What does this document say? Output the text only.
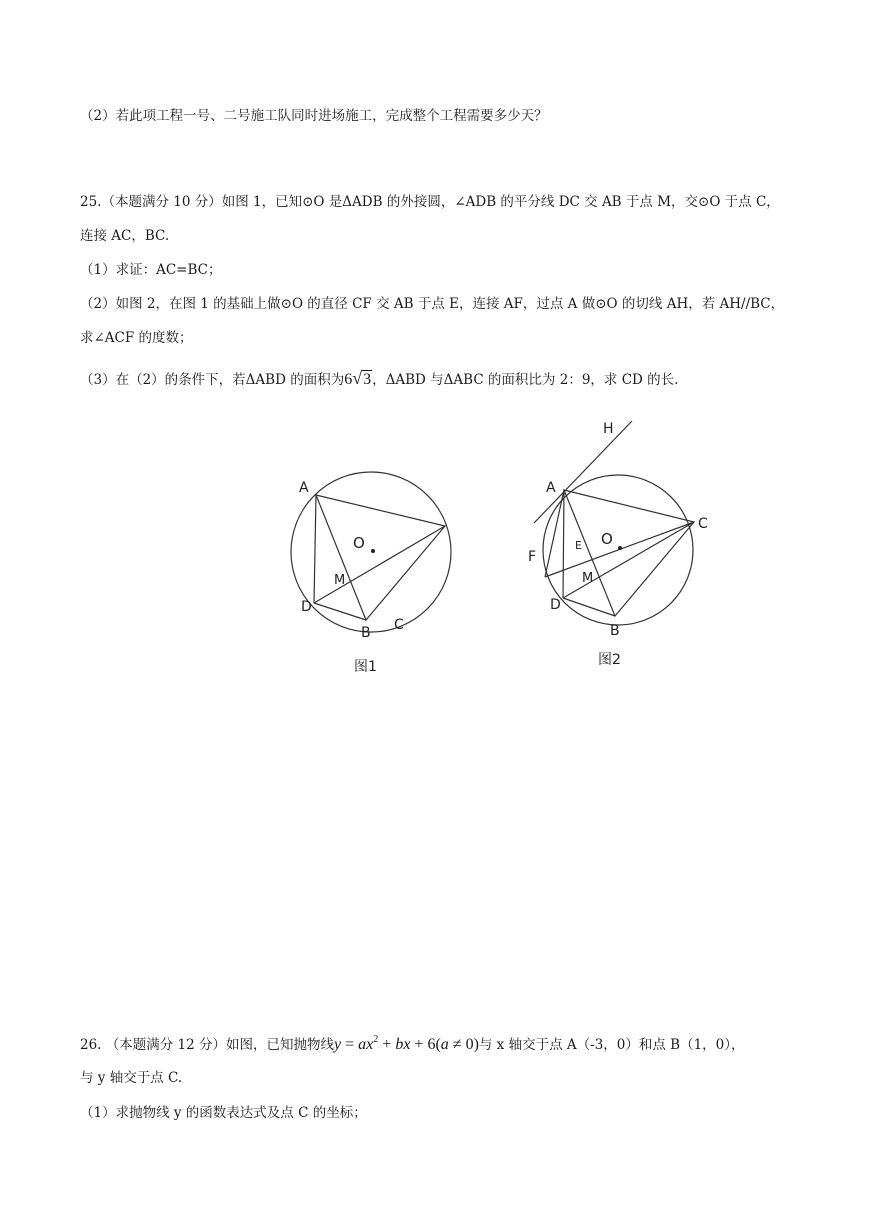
（2）若此项工程一号、二号施工队同时进场施工，完成整个工程需要多少天？
25.（本题满分 10 分）如图 1，已知⊙O 是ΔADB 的外接圆，∠ADB 的平分线 DC 交 AB 于点 M，交⊙O 于点 C，
连接 AC，BC.
（1）求证：AC=BC；
（2）如图 2，在图 1 的基础上做⊙O 的直径 CF 交 AB 于点 E，连接 AF，过点 A 做⊙O 的切线 AH，若 AH//BC，
求∠ACF 的度数；
（3）在（2）的条件下，若ΔABD 的面积为6√3，ΔABD 与ΔABC 的面积比为 2：9，求 CD 的长.
A
O
M
D
B C
图1
H
A
C
E O
F
M
D
B
图2
26. （本题满分 12 分）如图，已知抛物线$y = ax^2$ + bx + 6(a ≠ 0)与 x 轴交于点 A（-3，0）和点 B（1，0），
与 y 轴交于点 C.
（1）求抛物线 y 的函数表达式及点 C 的坐标；
